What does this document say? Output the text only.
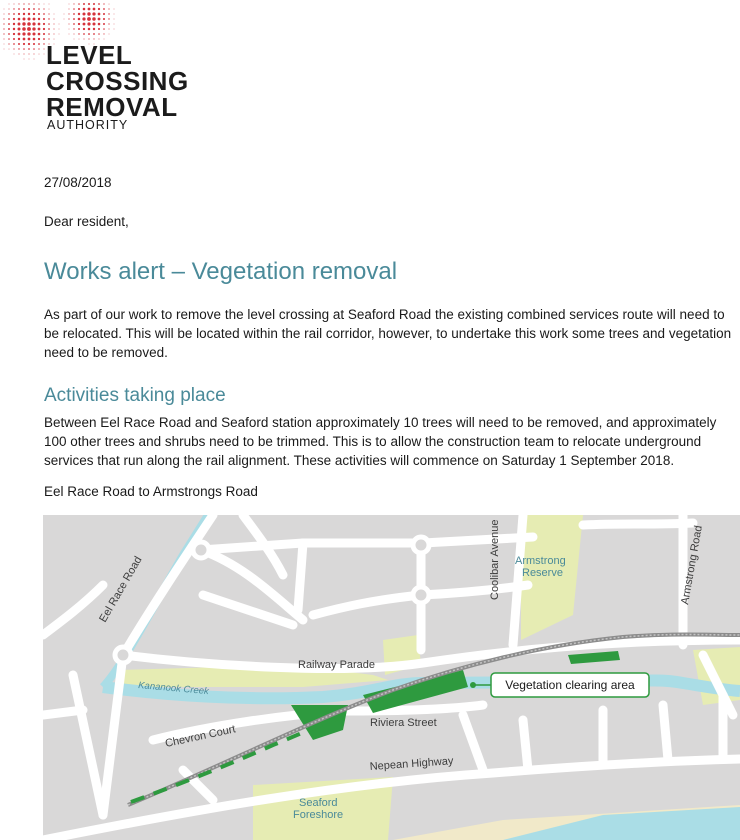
LEVEL
CROSSING
REMOVAL
AUTHORITY
27/08/2018
Dear resident,
Works alert – Vegetation removal

As part of our work to remove the level crossing at Seaford Road the existing combined services route will need to be relocated. This will be located within the rail corridor, however, to undertake this work some trees and vegetation need to be removed.

Activities taking place

Between Eel Race Road and Seaford station approximately 10 trees will need to be removed, and approximately 100 other trees and shrubs need to be trimmed. This is to allow the construction team to relocate underground services that run along the rail alignment. These activities will commence on Saturday 1 September 2018.

Eel Race Road to Armstrongs Road
Eel Race Road	Coolibar Avenue Armstrong
Reserve	Armstrong Road
Railway Parade
Kananook Creek
Chevron Court
Riviera Street
Nepean Highway
Seaford
Foreshore
Vegetation clearing area
